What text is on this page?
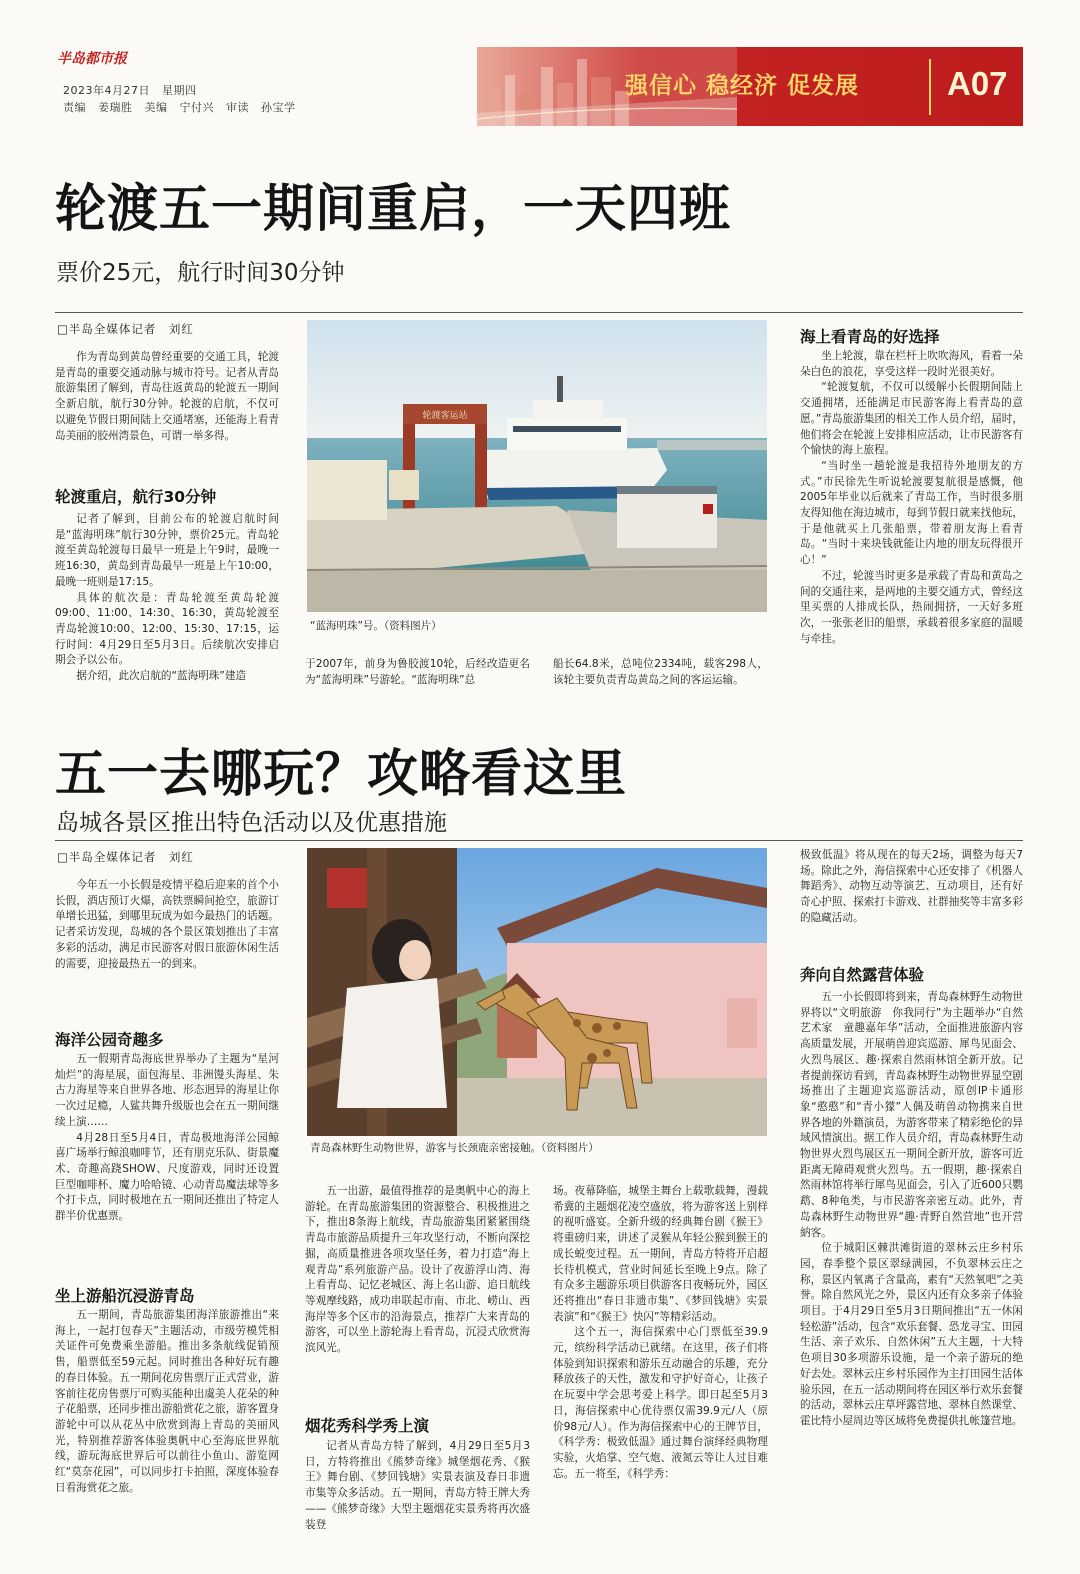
半岛都市报
2023年4月27日 星期四
责编 姜瑞胜 美编 宁付兴 审读 孙宝学
强信心 稳经济 促发展	A07
轮渡五一期间重启，一天四班
票价25元，航行时间30分钟
□半岛全媒体记者　刘红

作为青岛到黄岛曾经重要的交通工具，轮渡是青岛的重要交通动脉与城市符号。记者从青岛旅游集团了解到，青岛往返黄岛的轮渡五一期间全新启航，航行30分钟。轮渡的启航，不仅可以避免节假日期间陆上交通堵塞，还能海上看青岛美丽的胶州湾景色，可谓一举多得。

轮渡重启，航行30分钟

记者了解到，目前公布的轮渡启航时间是“蓝海明珠”航行30分钟，票价25元。青岛轮渡至黄岛轮渡每日最早一班是上午9时，最晚一班16:30，黄岛到青岛最早一班是上午10:00，最晚一班则是17:15。

具体的航次是：青岛轮渡至黄岛轮渡09:00、11:00、14:30、16:30，黄岛轮渡至青岛轮渡10:00、12:00、15:30、17:15，运行时间：4月29日至5月3日。后续航次安排启期会予以公布。

据介绍，此次启航的“蓝海明珠”建造

轮渡客运站
“蓝海明珠”号。（资料图片）

于2007年，前身为鲁胶渡10轮，后经改造更名为“蓝海明珠”号游轮。“蓝海明珠”总

船长64.8米，总吨位2334吨，载客298人，该轮主要负责青岛黄岛之间的客运运输。

海上看青岛的好选择

坐上轮渡，靠在栏杆上吹吹海风，看着一朵朵白色的浪花，享受这样一段时光很美好。

“轮渡复航，不仅可以缓解小长假期间陆上交通拥堵，还能满足市民游客海上看青岛的意愿。”青岛旅游集团的相关工作人员介绍，届时，他们将会在轮渡上安排相应活动，让市民游客有个愉快的海上旅程。

“当时坐一趟轮渡是我招待外地朋友的方式。”市民徐先生听说轮渡要复航很是感慨，他2005年毕业以后就来了青岛工作，当时很多朋友得知他在海边城市，每到节假日就来找他玩，于是他就买上几张船票，带着朋友海上看青岛。“当时十来块钱就能让内地的朋友玩得很开心！”

不过，轮渡当时更多是承载了青岛和黄岛之间的交通往来，是两地的主要交通方式，曾经这里买票的人排成长队，热闹拥挤，一天好多班次，一张张老旧的船票，承载着很多家庭的温暖与牵挂。

五一去哪玩？攻略看这里
岛城各景区推出特色活动以及优惠措施
□半岛全媒体记者　刘红

今年五一小长假是疫情平稳后迎来的首个小长假，酒店预订火爆，高铁票瞬间抢空，旅游订单增长迅猛，到哪里玩成为如今最热门的话题。记者采访发现，岛城的各个景区策划推出了丰富多彩的活动，满足市民游客对假日旅游休闲生活的需要，迎接最热五一的到来。

海洋公园奇趣多

五一假期青岛海底世界举办了主题为“星河灿烂”的海星展，面包海星、非洲馒头海星、朱古力海星等来自世界各地、形态迥异的海星让你一次过足瘾，人鲨共舞升级版也会在五一期间继续上演……

4月28日至5月4日，青岛极地海洋公园鲸喜广场举行鲸浪咖啡节，还有朋克乐队、街景魔术、奇趣高跷SHOW、尺度游戏，同时还设置巨型咖啡杯、魔力哈哈镜、心动青岛魔法球等多个打卡点，同时极地在五一期间还推出了特定人群半价优惠票。

坐上游船沉浸游青岛

五一期间，青岛旅游集团海洋旅游推出“来海上，一起打包春天”主题活动，市级劳模凭相关证件可免费乘坐游船。推出多条航线促销预售，船票低至59元起。同时推出各种好玩有趣的春日体验。五一期间花房售票厅正式营业，游客前往花房售票厅可购买能种出虞美人花朵的种子花船票，还同步推出游船赏花之旅，游客置身游轮中可以从花丛中欣赏到海上青岛的美丽风光，特别推荐游客体验奥帆中心至海底世界航线，游玩海底世界后可以前往小鱼山、游览网红“莫奈花园”，可以同步打卡拍照，深度体验春日看海赏花之旅。

青岛森林野生动物世界，游客与长颈鹿亲密接触。（资料图片）

五一出游，最值得推荐的是奥帆中心的海上游轮。在青岛旅游集团的资源整合、积极推进之下，推出8条海上航线，青岛旅游集团紧紧围绕青岛市旅游品质提升三年攻坚行动，不断向深挖掘，高质量推进各项攻坚任务，着力打造“海上观青岛”系列旅游产品。设计了夜游浮山湾、海上看青岛、记忆老城区、海上名山游、追日航线等观摩线路，成功串联起市南、市北、崂山、西海岸等多个区市的沿海景点，推荐广大来青岛的游客，可以坐上游轮海上看青岛，沉浸式欣赏海滨风光。

烟花秀科学秀上演

记者从青岛方特了解到，4月29日至5月3日，方特将推出《熊梦奇缘》城堡烟花秀、《猴王》舞台剧、《梦回钱塘》实景表演及春日非遗市集等众多活动。五一期间，青岛方特王牌大秀——《熊梦奇缘》大型主题烟花实景秀将再次盛装登

场。夜幕降临，城堡主舞台上载歌载舞，漫载希冀的主题烟花凌空盛放，将为游客送上别样的视听盛宴。全新升级的经典舞台剧《猴王》将重磅归来，讲述了灵猴从年轻公猴到猴王的成长蜕变过程。五一期间，青岛方特将开启超长待机模式，营业时间延长至晚上9点。除了有众多主题游乐项目供游客日夜畅玩外，园区还将推出“春日非遗市集”、《梦回钱塘》实景表演”和“《猴王》快闪”等精彩活动。

这个五一，海信探索中心门票低至39.9元，缤纷科学活动已就绪。在这里，孩子们将体验到知识探索和游乐互动融合的乐趣，充分释放孩子的天性，激发和守护好奇心，让孩子在玩耍中学会思考爱上科学。即日起至5月3日，海信探索中心优待票仅需39.9元/人（原价98元/人）。作为海信探索中心的王牌节目，《科学秀：极致低温》通过舞台演绎经典物理实验，火焰掌、空气炮、液氮云等让人过目难忘。五一将至，《科学秀：

极致低温》将从现在的每天2场，调整为每天7场。除此之外，海信探索中心还安排了《机器人舞蹈秀》、动物互动等演艺、互动项目，还有好奇心护照、探索打卡游戏、社群抽奖等丰富多彩的隐藏活动。

奔向自然露营体验

五一小长假即将到来，青岛森林野生动物世界将以“文明旅游　你我同行”为主题举办“自然艺术家　童趣嘉年华”活动，全面推进旅游内容高质量发展，开展萌兽迎宾巡游、犀鸟见面会、火烈鸟展区、趣·探索自然雨林馆全新开放。记者提前探访看到，青岛森林野生动物世界显空剧场推出了主题迎宾巡游活动，原创IP卡通形象“憨憨”和“青小獴”人偶及萌兽动物携来自世界各地的外籍演员，为游客带来了精彩绝伦的异域风情演出。据工作人员介绍，青岛森林野生动物世界火烈鸟展区五一期间全新开放，游客可近距离无障碍观赏火烈鸟。五一假期，趣·探索自然雨林馆将举行犀鸟见面会，引入了近600只鹦鹉、8种龟类，与市民游客亲密互动。此外，青岛森林野生动物世界“趣·青野自然营地”也开营納客。

位于城阳区棘洪滩街道的翠林云庄乡村乐园，春季整个景区翠绿满园，不负翠林云庄之称，景区内氧离子含量高，素有“天然氧吧”之美誉。除自然风光之外，景区内还有众多亲子体验项目。于4月29日至5月3日期间推出“五一休闲轻松游”活动，包含“欢乐套餐、恐龙寻宝、田园生活、亲子欢乐、自然休闲”五大主题，十大特色项目30多项游乐设施，是一个亲子游玩的绝好去处。翠林云庄乡村乐园作为主打田园生活体验乐园，在五一活动期间将在园区举行欢乐套餐的活动，翠林云庄草坪露营地、翠林自然课堂、霍比特小屋周边等区域将免费提供扎帐篷营地。
